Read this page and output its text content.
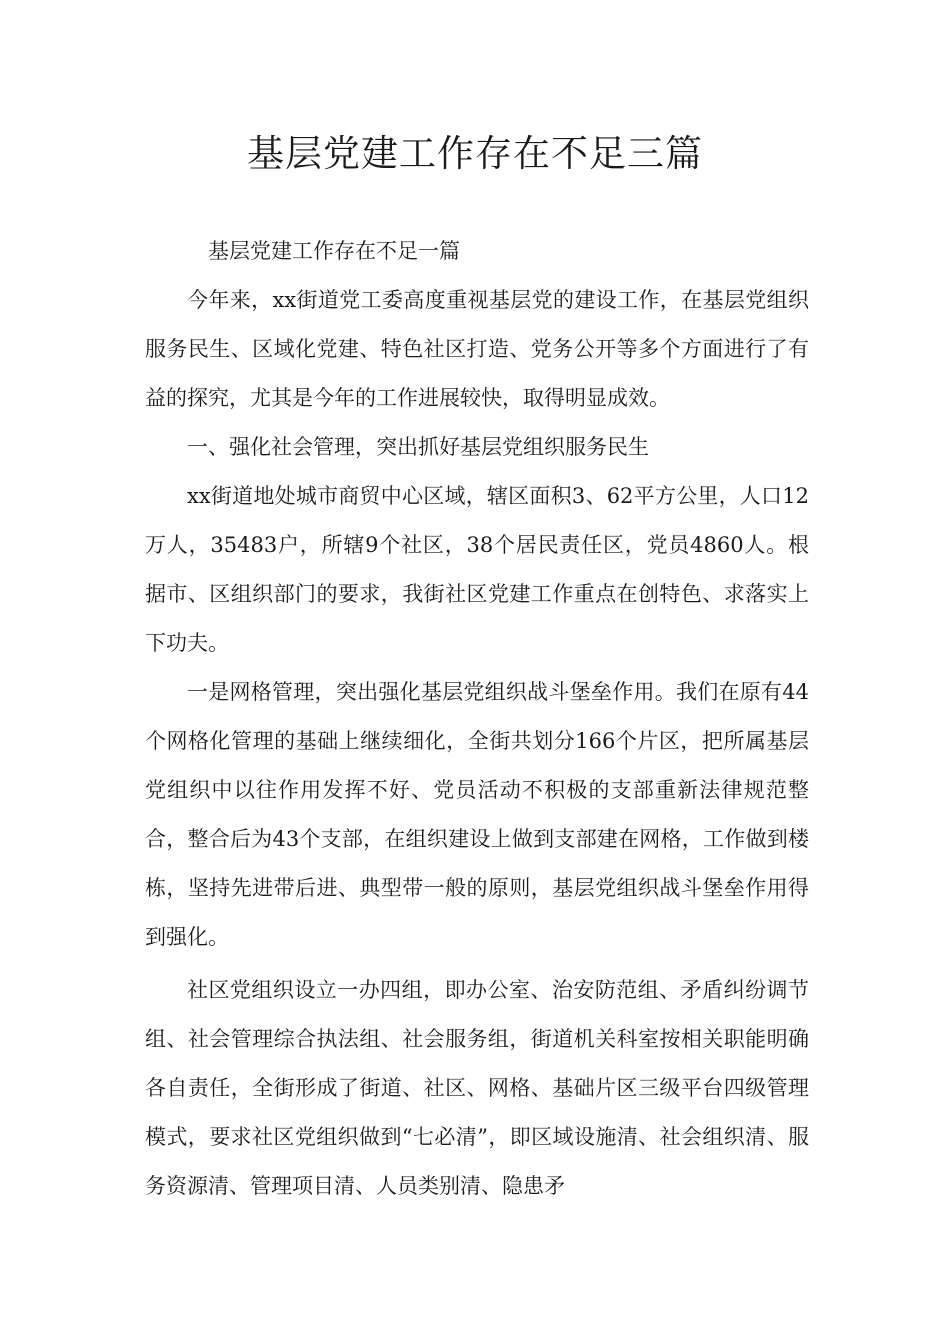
基层党建工作存在不足三篇

基层党建工作存在不足一篇

今年来，xx街道党工委高度重视基层党的建设工作，在基层党组织服务民生、区域化党建、特色社区打造、党务公开等多个方面进行了有益的探究，尤其是今年的工作进展较快，取得明显成效。

一、强化社会管理，突出抓好基层党组织服务民生

xx街道地处城市商贸中心区域，辖区面积3、62平方公里，人口12万人，35483户，所辖9个社区，38个居民责任区，党员4860人。根据市、区组织部门的要求，我街社区党建工作重点在创特色、求落实上下功夫。

一是网格管理，突出强化基层党组织战斗堡垒作用。我们在原有44个网格化管理的基础上继续细化，全街共划分166个片区，把所属基层党组织中以往作用发挥不好、党员活动不积极的支部重新法律规范整合，整合后为43个支部，在组织建设上做到支部建在网格，工作做到楼栋，坚持先进带后进、典型带一般的原则，基层党组织战斗堡垒作用得到强化。

社区党组织设立一办四组，即办公室、治安防范组、矛盾纠纷调节组、社会管理综合执法组、社会服务组，街道机关科室按相关职能明确各自责任，全街形成了街道、社区、网格、基础片区三级平台四级管理模式，要求社区党组织做到“七必清”，即区域设施清、社会组织清、服务资源清、管理项目清、人员类别清、隐患矛
